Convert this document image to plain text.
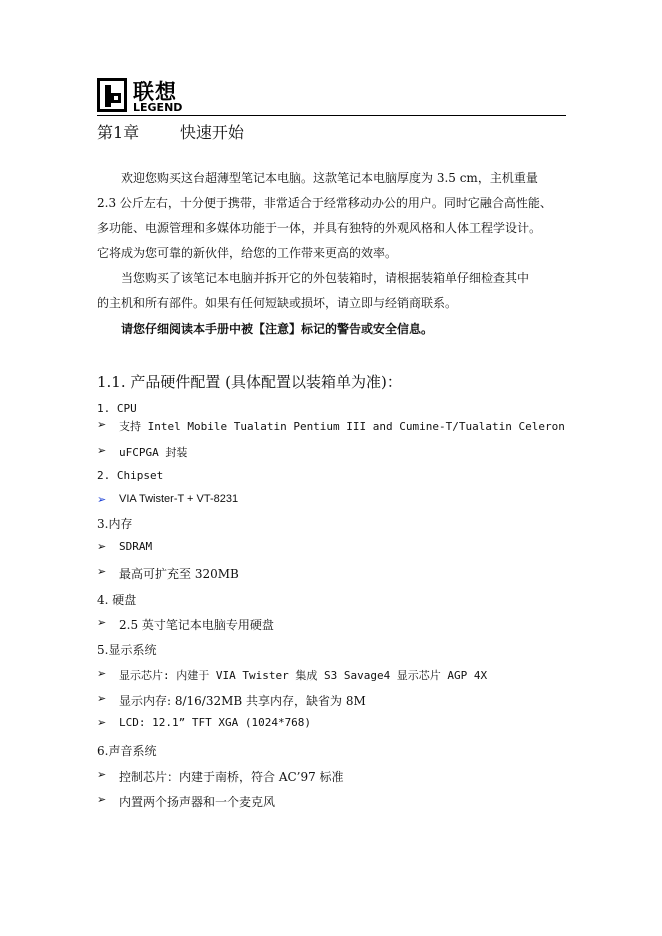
联想
LEGEND
第1章        快速开始
欢迎您购买这台超薄型笔记本电脑。这款笔记本电脑厚度为 3.5 cm，主机重量
2.3 公斤左右，十分便于携带，非常适合于经常移动办公的用户。同时它融合高性能、
多功能、电源管理和多媒体功能于一体，并具有独特的外观风格和人体工程学设计。
它将成为您可靠的新伙伴，给您的工作带来更高的效率。
当您购买了该笔记本电脑并拆开它的外包装箱时，请根据装箱单仔细检查其中
的主机和所有部件。如果有任何短缺或损坏，请立即与经销商联系。
请您仔细阅读本手册中被【注意】标记的警告或安全信息。
1.1. 产品硬件配置 (具体配置以装箱单为准)：
1. CPU
➢ 支持 Intel Mobile Tualatin Pentium III and Cumine-T/Tualatin Celeron
➢ uFCPGA 封装
2. Chipset
➢ VIA Twister-T + VT-8231
3.内存
➢ SDRAM
➢ 最高可扩充至 320MB
4. 硬盘
➢ 2.5 英寸笔记本电脑专用硬盘
5.显示系统
➢ 显示芯片: 内建于 VIA Twister 集成 S3 Savage4 显示芯片 AGP 4X
➢ 显示内存: 8/16/32MB 共享内存，缺省为 8M
➢ LCD: 12.1” TFT XGA (1024*768)
6.声音系统
➢ 控制芯片：内建于南桥，符合 AC’97 标准
➢ 内置两个扬声器和一个麦克风
